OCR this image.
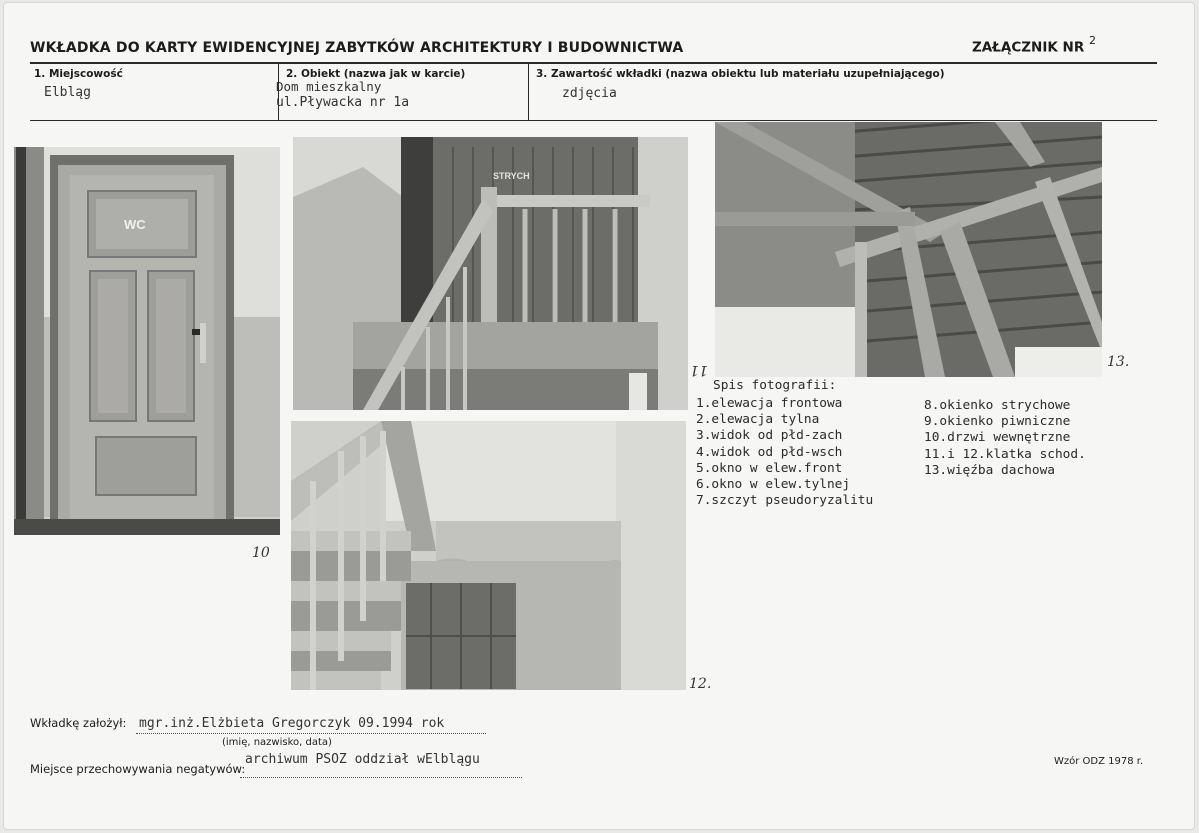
WKŁADKA DO KARTY EWIDENCYJNEJ ZABYTKÓW ARCHITEKTURY I BUDOWNICTWA	ZAŁĄCZNIK NR $^2$
1. Miejscowość
Elbląg
2. Obiekt (nazwa jak w karcie)
Dom mieszkalny
ul.Pływacka nr 1a
3. Zawartość wkładki (nazwa obiektu lub materiału uzupełniającego)
zdjęcia
WC
10
STRYCH
11
12.
13.
Spis fotografii:
1.elewacja frontowa
2.elewacja tylna
3.widok od płd-zach
4.widok od płd-wsch
5.okno w elew.front
6.okno w elew.tylnej
7.szczyt pseudoryzalitu
8.okienko strychowe
9.okienko piwniczne
10.drzwi wewnętrzne
11.i 12.klatka schod.
13.więźba dachowa
Wkładkę założył: mgr.inż.Elżbieta Gregorczyk 09.1994 rok
(imię, nazwisko, data)
Miejsce przechowywania negatywów:
archiwum PSOZ oddział wElblągu	Wzór ODZ 1978 r.
